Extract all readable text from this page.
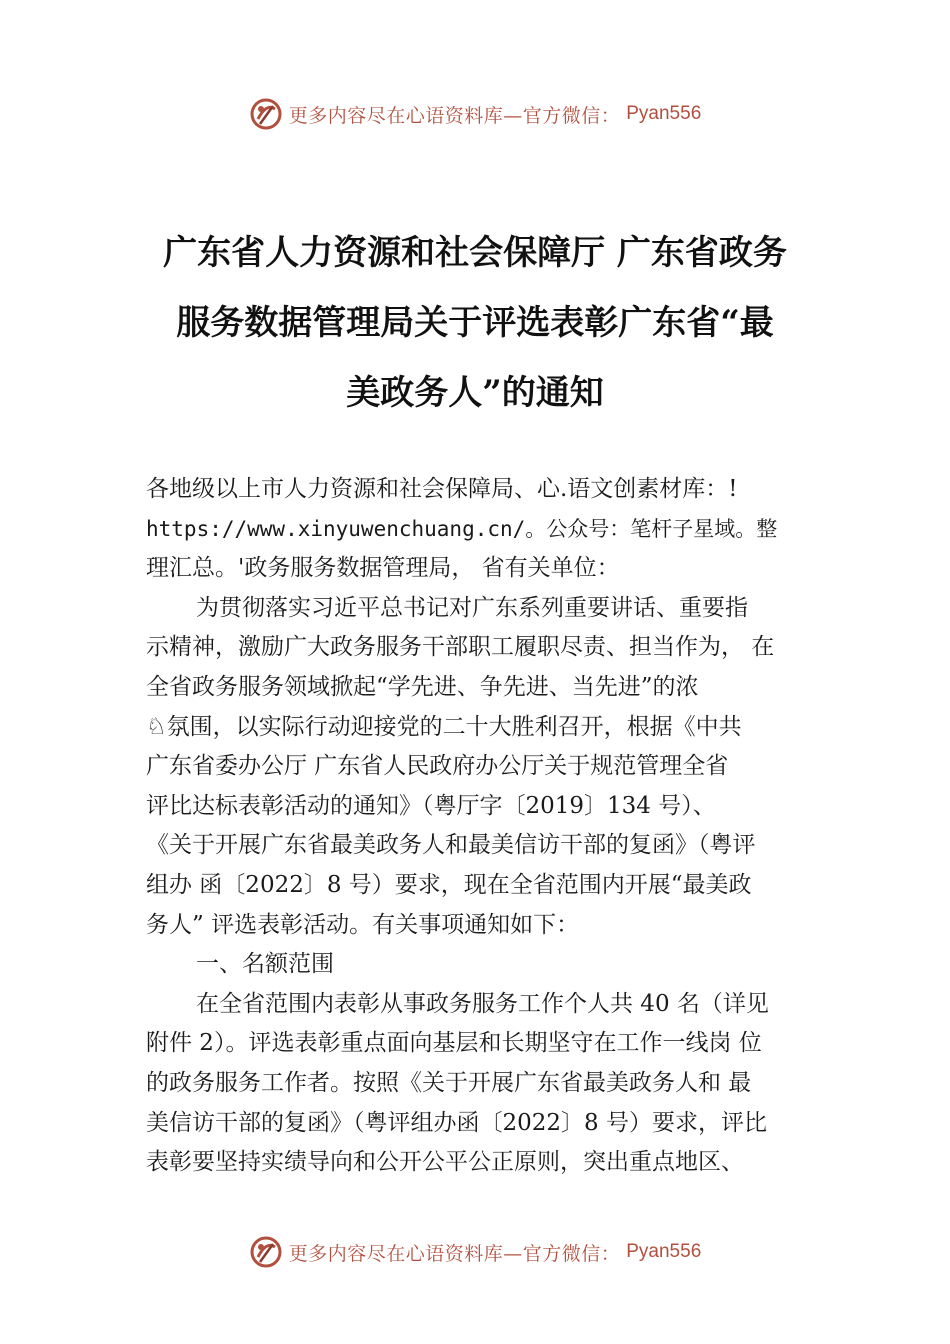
更多内容尽在心语资料库—官方微信： Pyan556
广东省人力资源和社会保障厅 广东省政务
服务数据管理局关于评选表彰广东省“最
美政务人”的通知
各地级以上市人力资源和社会保障局、心.语文创素材库：!
https://www.xinyuwenchuang.cn/。公众号：笔杆子星域。整
理汇总。'政务服务数据管理局， 省有关单位：
为贯彻落实习近平总书记对广东系列重要讲话、重要指
示精神，激励广大政务服务干部职工履职尽责、担当作为， 在
全省政务服务领域掀起“学先进、争先进、当先进”的浓
♘氛围，以实际行动迎接党的二十大胜利召开，根据《中共
广东省委办公厅 广东省人民政府办公厅关于规范管理全省
评比达标表彰活动的通知》（粤厅字〔2019〕134 号）、
《关于开展广东省最美政务人和最美信访干部的复函》（粤评
组办 函〔2022〕8 号）要求，现在全省范围内开展“最美政
务人” 评选表彰活动。有关事项通知如下：
一、名额范围
在全省范围内表彰从事政务服务工作个人共 40 名（详见
附件 2）。评选表彰重点面向基层和长期坚守在工作一线岗 位
的政务服务工作者。按照《关于开展广东省最美政务人和 最
美信访干部的复函》（粤评组办函〔2022〕8 号）要求，评比
表彰要坚持实绩导向和公开公平公正原则，突出重点地区、
更多内容尽在心语资料库—官方微信： Pyan556
